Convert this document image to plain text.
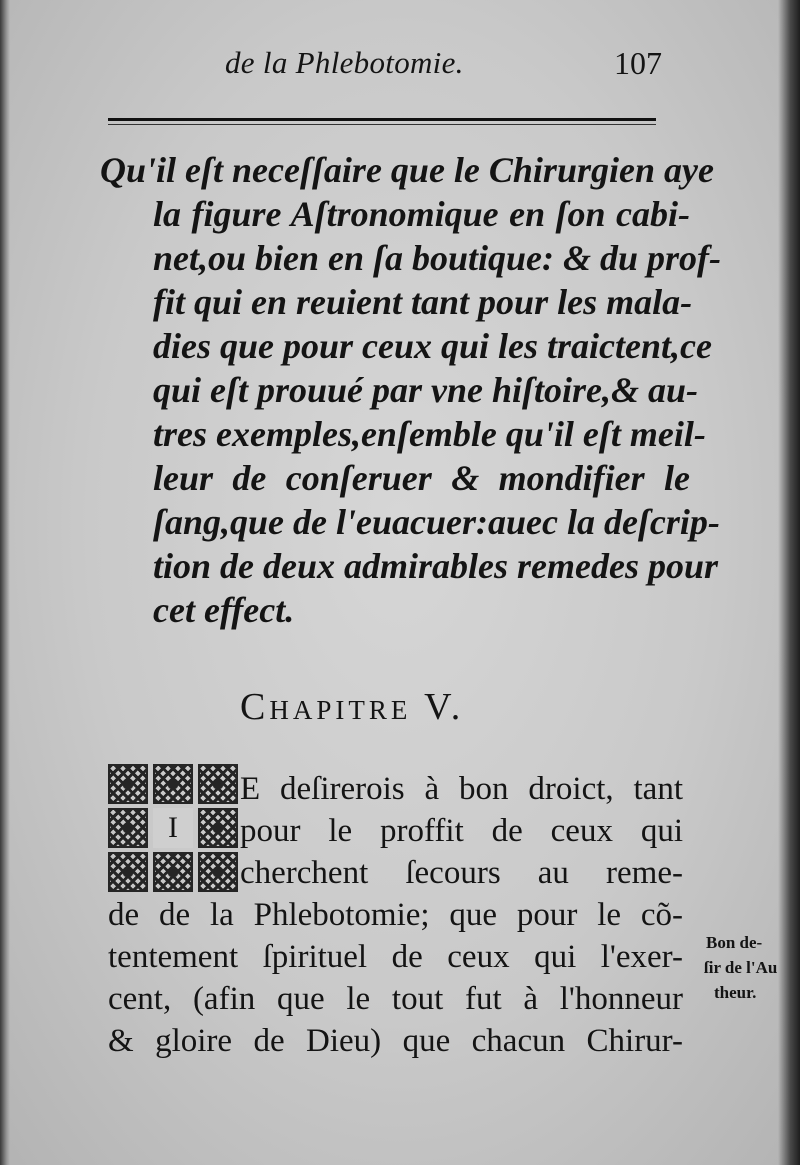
de la Phlebotomie.	107
Qu'il eſt neceſſaire que le Chirurgien aye
la figure Aſtronomique en ſon cabi-
net,ou bien en ſa boutique: & du prof-
fit qui en reuient tant pour les mala-
dies que pour ceux qui les traictent,ce
qui eſt prouué par vne hiſtoire,& au-
tres exemples,enſemble qu'il eſt meil-
leur de conſeruer & mondifier le
ſang,que de l'euacuer:auec la deſcrip-
tion de deux admirables remedes pour
cet effect.
Chapitre V.
I
E deſirerois à bon droict, tant
pour le proffit de ceux qui
cherchent ſecours au reme-
de de la Phlebotomie; que pour le cõ-
tentement ſpirituel de ceux qui l'exer-
cent, (afin que le tout fut à l'honneur
& gloire de Dieu) que chacun Chirur-
Bon de-
ſir de l'Au
theur.
